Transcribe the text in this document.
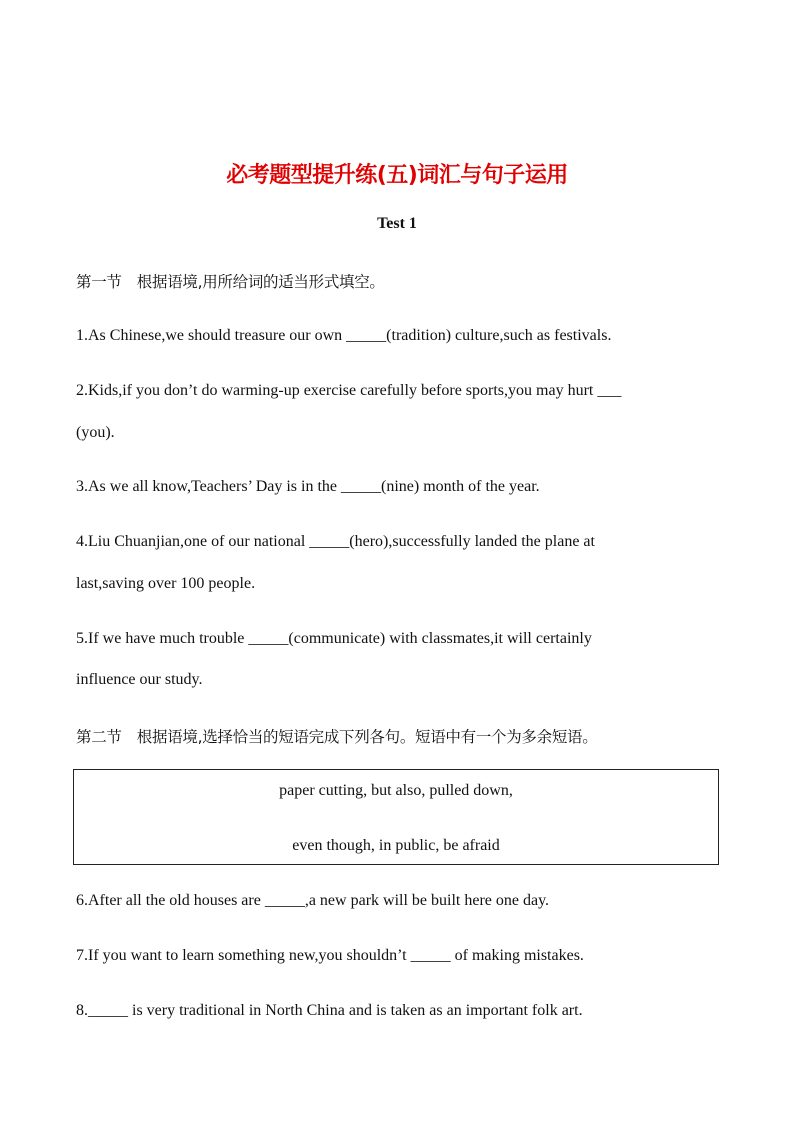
必考题型提升练(五)词汇与句子运用
Test 1
第一节　根据语境,用所给词的适当形式填空。
1.As Chinese,we should treasure our own _____(tradition) culture,such as festivals.
2.Kids,if you don’t do warming-up exercise carefully before sports,you may hurt ___
(you).
3.As we all know,Teachers’ Day is in the _____(nine) month of the year.
4.Liu Chuanjian,one of our national _____(hero),successfully landed the plane at
last,saving over 100 people.
5.If we have much trouble _____(communicate) with classmates,it will certainly
influence our study.
第二节　根据语境,选择恰当的短语完成下列各句。短语中有一个为多余短语。
paper cutting, but also, pulled down,
even though, in public, be afraid
6.After all the old houses are _____,a new park will be built here one day.
7.If you want to learn something new,you shouldn’t _____ of making mistakes.
8._____ is very traditional in North China and is taken as an important folk art.
